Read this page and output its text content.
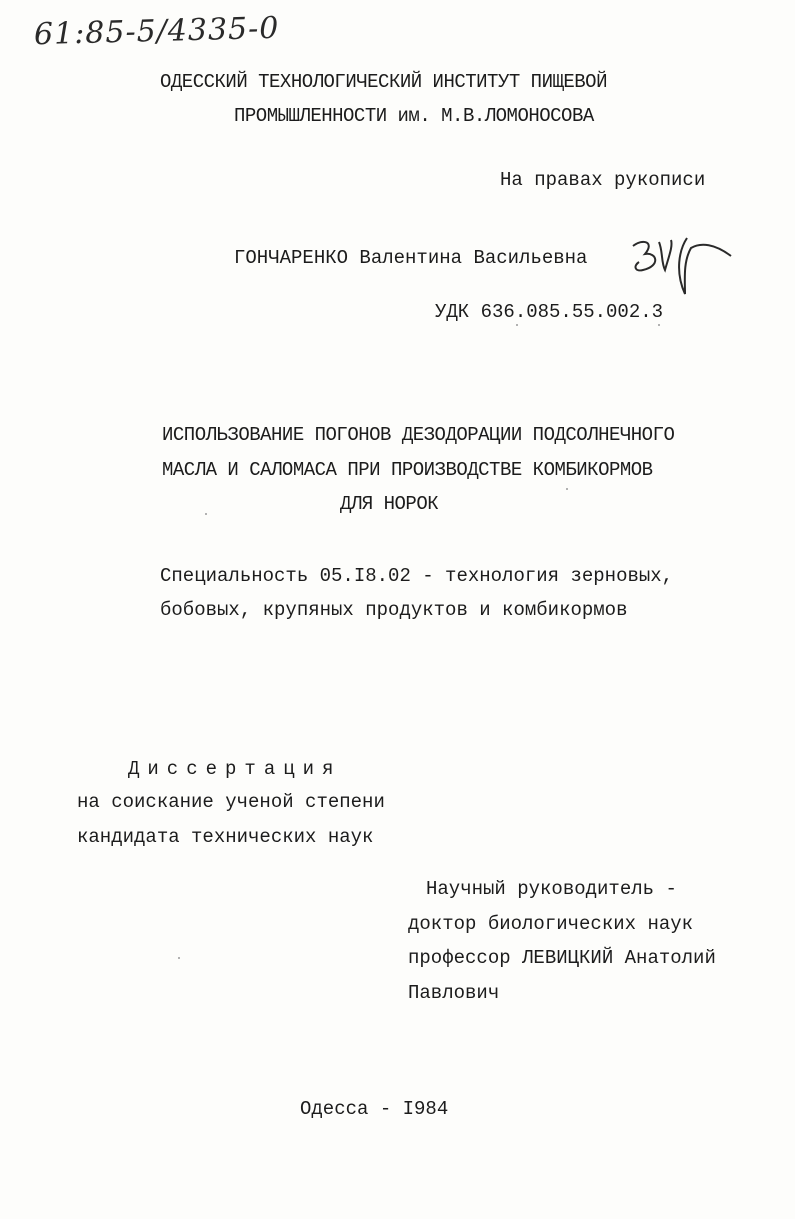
61:85-5/4335-0
ОДЕССКИЙ ТЕХНОЛОГИЧЕСКИЙ ИНСТИТУТ ПИЩЕВОЙ
ПРОМЫШЛЕННОСТИ им. М.В.ЛОМОНОСОВА
На правах рукописи
ГОНЧАРЕНКО Валентина Васильевна
УДК 636.085.55.002.3
ИСПОЛЬЗОВАНИЕ ПОГОНОВ ДЕЗОДОРАЦИИ ПОДСОЛНЕЧНОГО
МАСЛА И САЛОМАСА ПРИ ПРОИЗВОДСТВЕ КОМБИКОРМОВ
ДЛЯ НОРОК
Специальность 05.I8.02 - технология зерновых,
бобовых, крупяных продуктов и комбикормов
Диссертация
на соискание ученой степени
кандидата технических наук
Научный руководитель -
доктор биологических наук
профессор ЛЕВИЦКИЙ Анатолий
Павлович
Одесса - I984
